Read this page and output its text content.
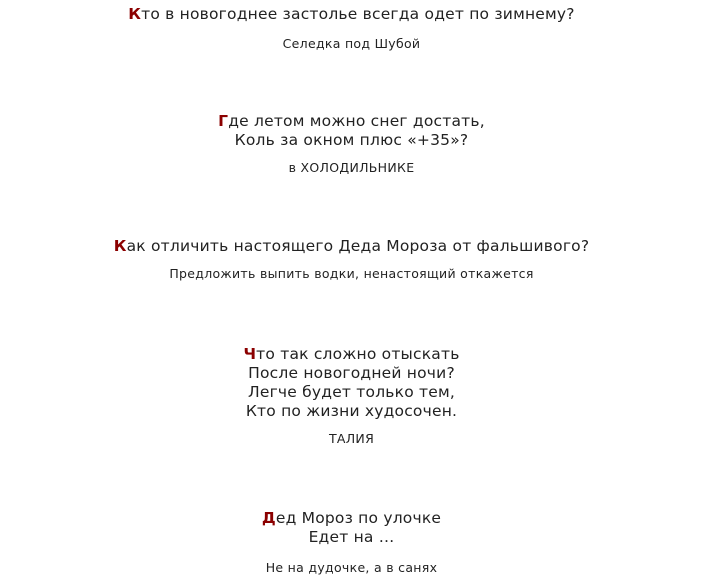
Кто в новогоднее застолье всегда одет по зимнему?
Селедка под Шубой
Где летом можно снег достать,
Коль за окном плюс «+35»?
в ХОЛОДИЛЬНИКЕ
Как отличить настоящего Деда Мороза от фальшивого?
Предложить выпить водки, ненастоящий откажется
Что так сложно отыскать
После новогодней ночи?
Легче будет только тем,
Кто по жизни худосочен.
ТАЛИЯ
Дед Мороз по улочке
Едет на …
Не на дудочке, а в санях
